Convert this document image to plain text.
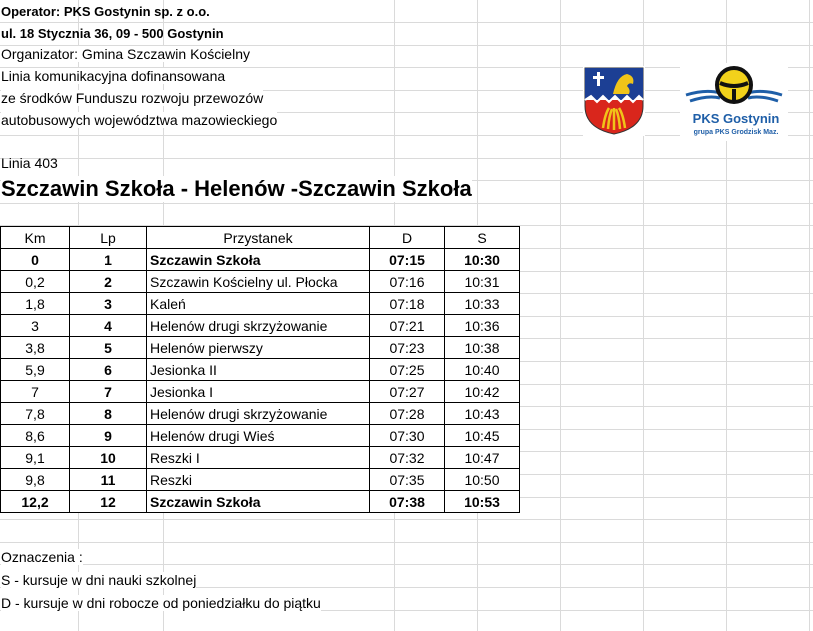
Operator: PKS Gostynin sp. z o.o.
ul. 18 Stycznia 36, 09 - 500 Gostynin
Organizator: Gmina Szczawin Kościelny
Linia komunikacyjna dofinansowana
ze środków Funduszu rozwoju przewozów
autobusowych województwa mazowieckiego
Linia 403
Szczawin Szkoła - Helenów -Szczawin Szkoła
PKS Gostynin
grupa PKS Grodzisk Maz.
Km	Lp	Przystanek	D	S
0	1	Szczawin Szkoła	07:15	10:30
0,2	2	Szczawin Kościelny ul. Płocka	07:16	10:31
1,8	3	Kaleń	07:18	10:33
3	4	Helenów drugi skrzyżowanie	07:21	10:36
3,8	5	Helenów pierwszy	07:23	10:38
5,9	6	Jesionka II	07:25	10:40
7	7	Jesionka I	07:27	10:42
7,8	8	Helenów drugi skrzyżowanie	07:28	10:43
8,6	9	Helenów drugi Wieś	07:30	10:45
9,1	10	Reszki I	07:32	10:47
9,8	11	Reszki	07:35	10:50
12,2	12	Szczawin Szkoła	07:38	10:53
Oznaczenia :
S - kursuje w dni nauki szkolnej
D - kursuje w dni robocze od poniedziałku do piątku
